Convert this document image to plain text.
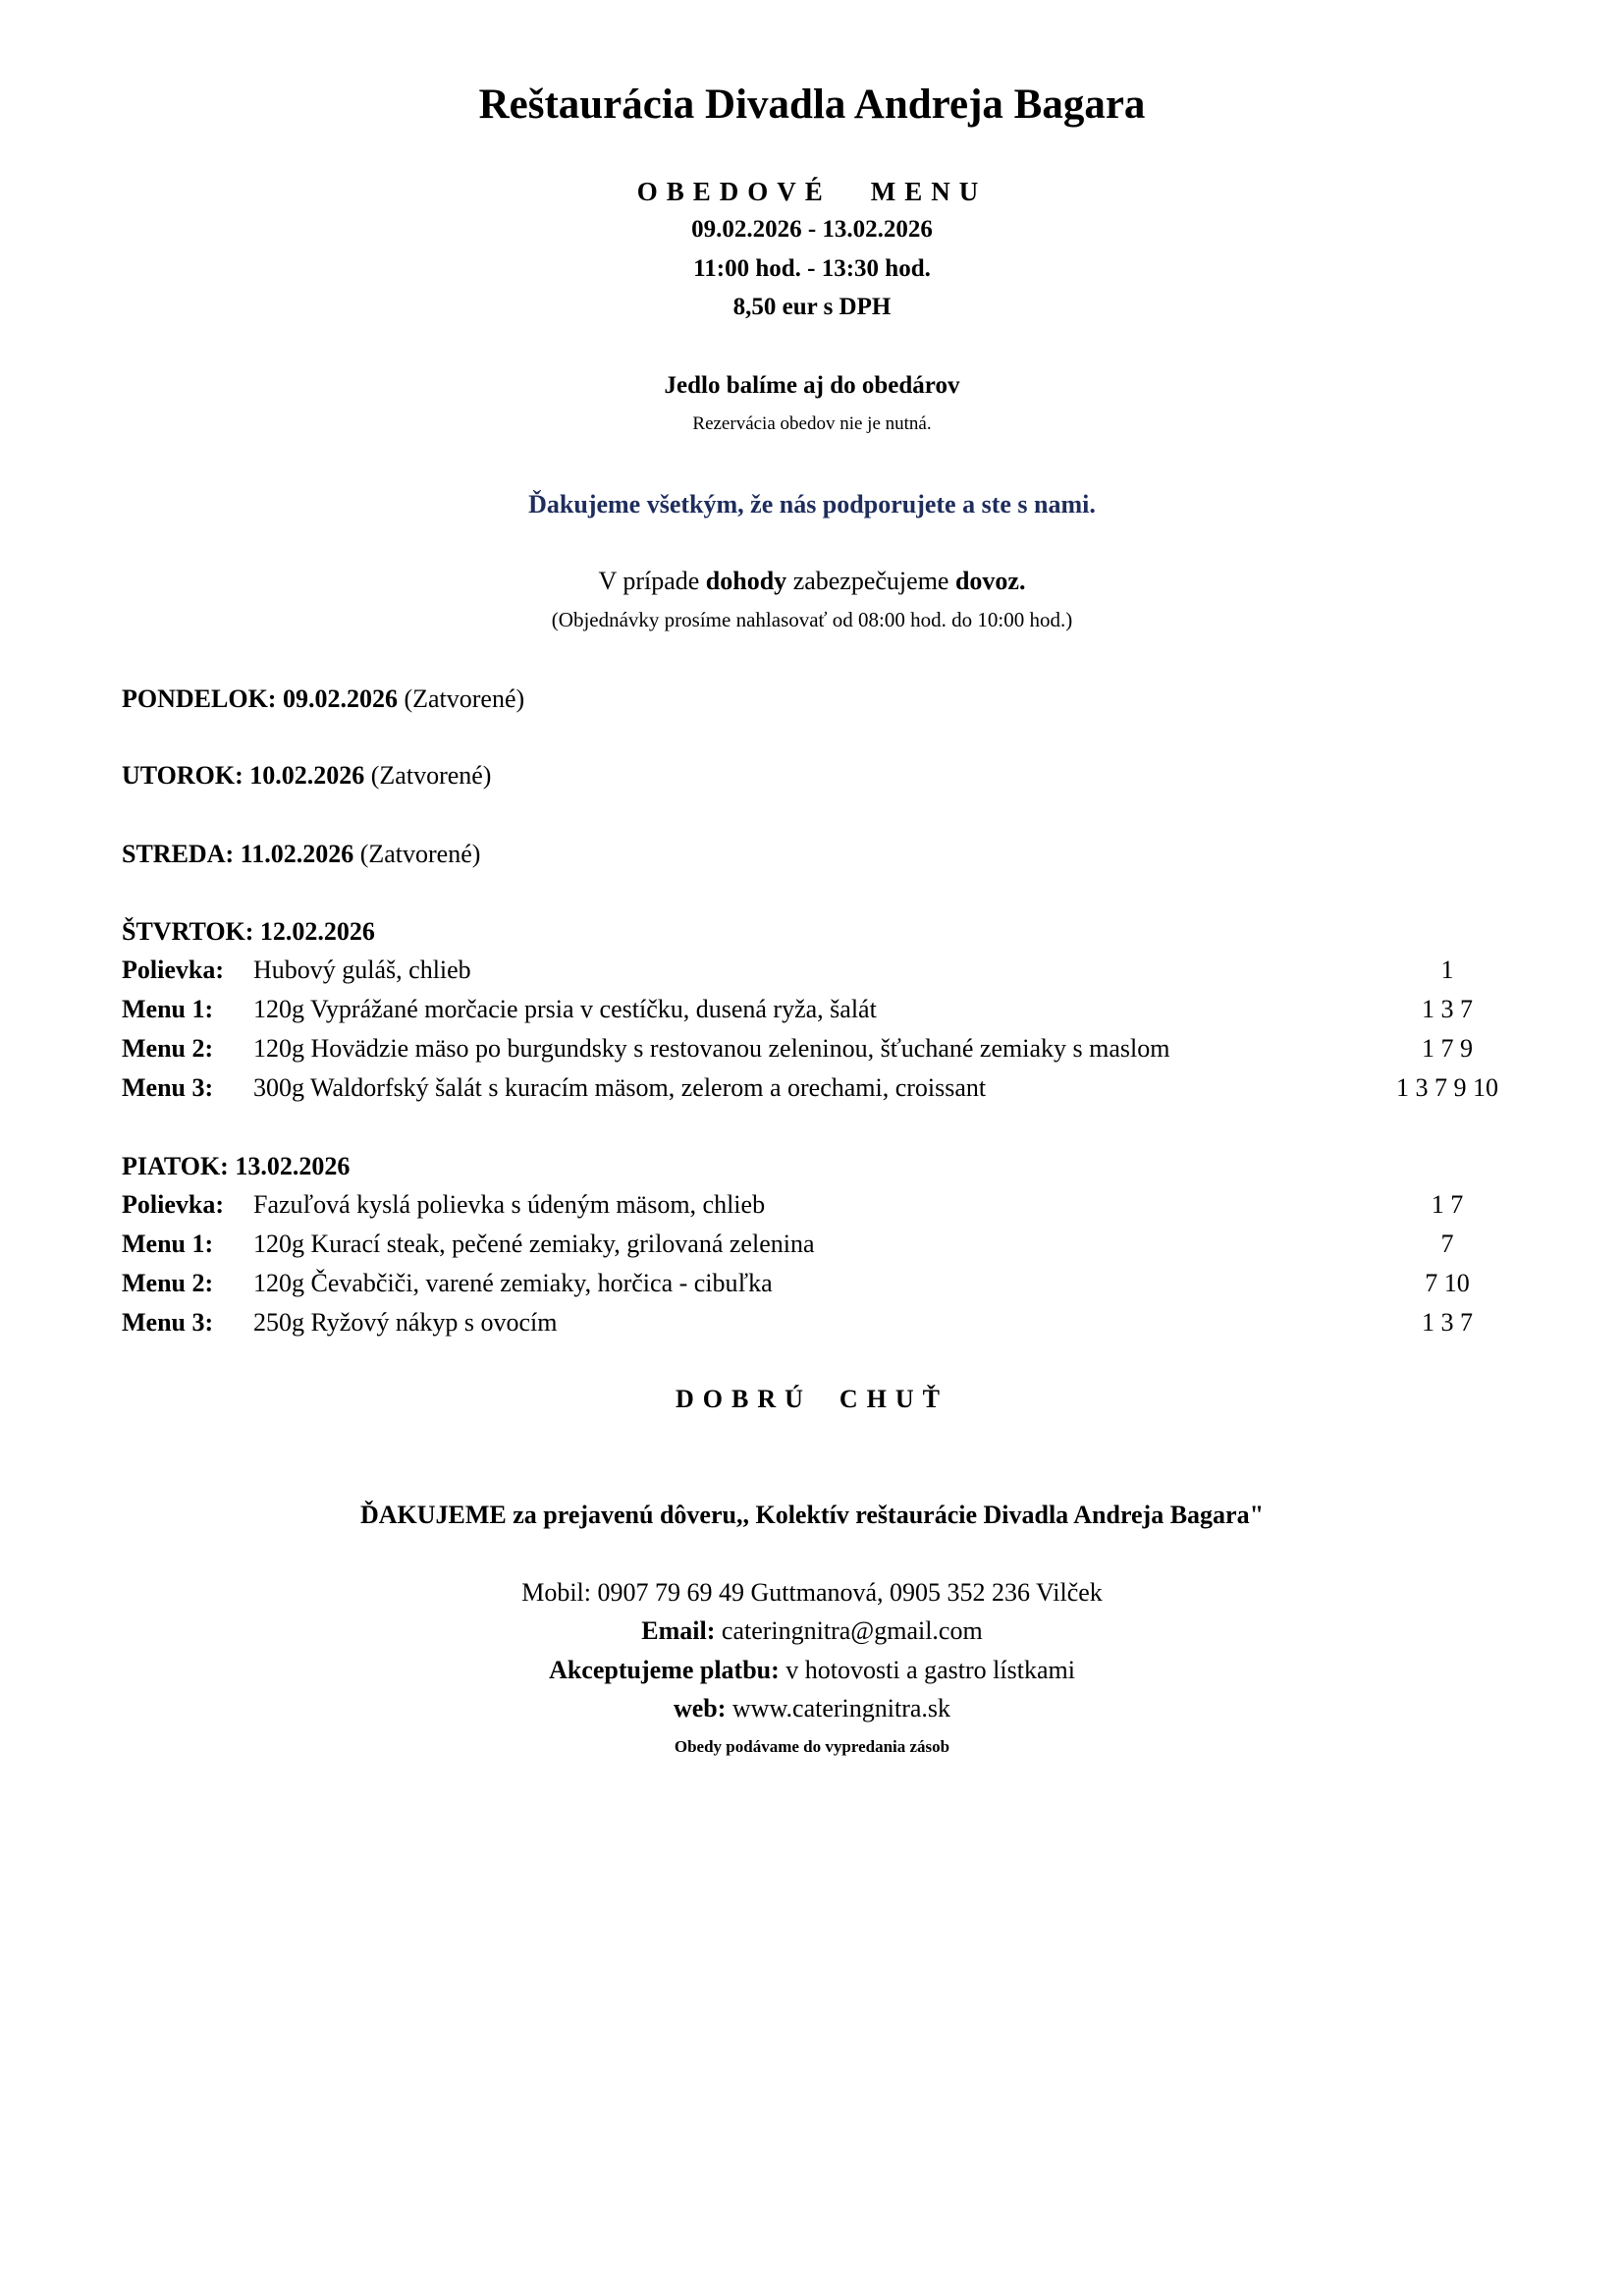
Reštaurácia Divadla Andreja Bagara
OBEDOVÉ MENU
09.02.2026 - 13.02.2026
11:00 hod. - 13:30 hod.
8,50 eur s DPH
Jedlo balíme aj do obedárov
Rezervácia obedov nie je nutná.
Ďakujeme všetkým, že nás podporujete a ste s nami.
V prípade dohody zabezpečujeme dovoz.
(Objednávky prosíme nahlasovať od 08:00 hod. do 10:00 hod.)
PONDELOK: 09.02.2026 (Zatvorené)
UTOROK: 10.02.2026 (Zatvorené)
STREDA: 11.02.2026 (Zatvorené)
ŠTVRTOK: 12.02.2026
Polievka: Hubový guláš, chlieb	1
Menu 1: 120g Vyprážané morčacie prsia v cestíčku, dusená ryža, šalát	1 3 7
Menu 2: 120g Hovädzie mäso po burgundsky s restovanou zeleninou, šťuchané zemiaky s maslom	1 7 9
Menu 3: 300g Waldorfský šalát s kuracím mäsom, zelerom a orechami, croissant	1 3 7 9 10
PIATOK: 13.02.2026
Polievka: Fazuľová kyslá polievka s údeným mäsom, chlieb	1 7
Menu 1: 120g Kurací steak, pečené zemiaky, grilovaná zelenina	7
Menu 2: 120g Čevabčiči, varené zemiaky, horčica - cibuľka	7 10
Menu 3: 250g Ryžový nákyp s ovocím	1 3 7
DOBRÚ CHUŤ
ĎAKUJEME za prejavenú dôveru,, Kolektív reštaurácie Divadla Andreja Bagara"
Mobil: 0907 79 69 49 Guttmanová, 0905 352 236 Vilček
Email: cateringnitra@gmail.com
Akceptujeme platbu: v hotovosti a gastro lístkami
web: www.cateringnitra.sk
Obedy podávame do vypredania zásob
